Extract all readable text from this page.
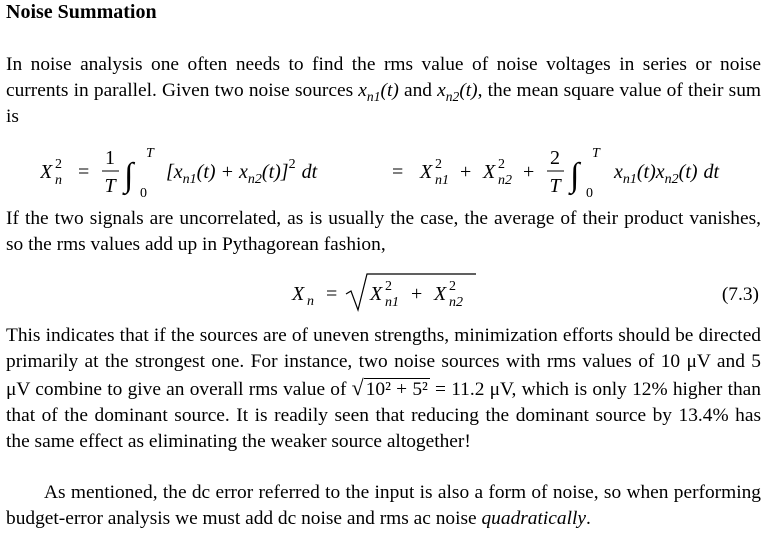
Noise Summation

In noise analysis one often needs to find the rms value of noise voltages in series or noise currents in parallel. Given two noise sources $x_{n1}(t)$ and $x_{n2}(t)$, the mean square value of their sum is

X 2
n =
1
T ∫
T
0
$[x_{n1}(t) + x_{n2}(t)]^2$ dt	= X 2
n1 + X 2
n2 +
2
T ∫
T
0
$x_{n1}(t)x_{n2}(t)$ dt

If the two signals are uncorrelated, as is usually the case, the average of their product vanishes, so the rms values add up in Pythagorean fashion,

X n = X 2
n1 + X 2
n2	(7.3)

This indicates that if the sources are of uneven strengths, minimization efforts should be directed primarily at the strongest one. For instance, two noise sources with rms values of 10 μV and 5 μV combine to give an overall rms value of √ 10² + 5² = 11.2 μV, which is only 12% higher than that of the dominant source. It is readily seen that reducing the dominant source by 13.4% has the same effect as eliminating the weaker source altogether!

As mentioned, the dc error referred to the input is also a form of noise, so when performing budget-error analysis we must add dc noise and rms ac noise quadratically.
